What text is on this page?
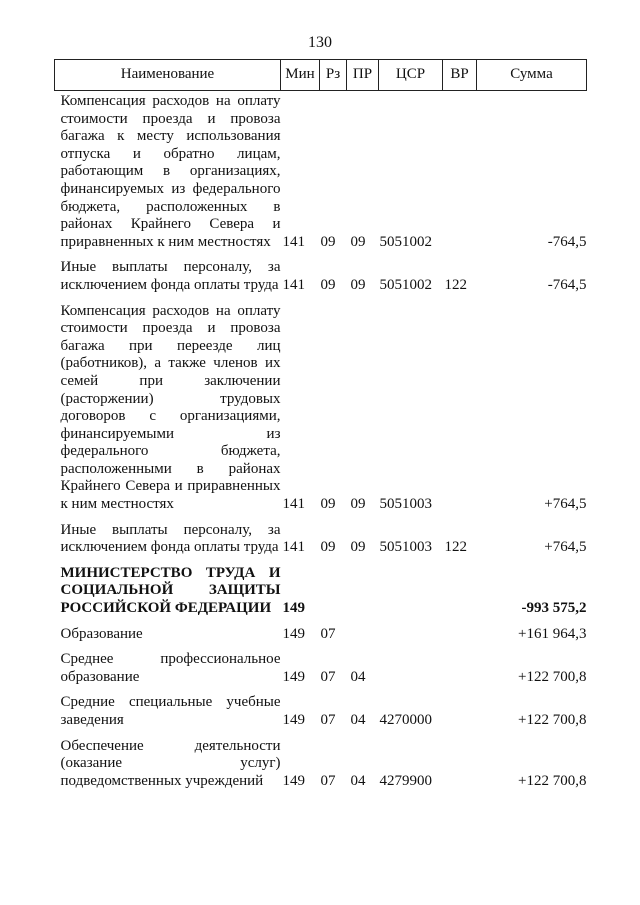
130
Наименование	Мин	Рз	ПР	ЦСР	ВР	Сумма
Компенсация расходов на оплату стоимости проезда и провоза багажа к месту использования отпуска и обратно лицам, работающим в организациях, финансируемых из федерального бюджета, расположенных в районах Крайнего Севера и приравненных к ним местностях	141	09	09	5051002		-764,5
Иные выплаты персоналу, за исключением фонда оплаты труда	141	09	09	5051002	122	-764,5
Компенсация расходов на оплату стоимости проезда и провоза багажа при переезде лиц (работников), а также членов их семей при заключении (расторжении) трудовых договоров с организациями, финансируемыми из федерального бюджета, расположенными в районах Крайнего Севера и приравненных к ним местностях	141	09	09	5051003		+764,5
Иные выплаты персоналу, за исключением фонда оплаты труда	141	09	09	5051003	122	+764,5
МИНИСТЕРСТВО ТРУДА И СОЦИАЛЬНОЙ ЗАЩИТЫ РОССИЙСКОЙ ФЕДЕРАЦИИ	149					-993 575,2
Образование	149	07				+161 964,3
Среднее профессиональное образование	149	07	04			+122 700,8
Средние специальные учебные заведения	149	07	04	4270000		+122 700,8
Обеспечение деятельности (оказание услуг) подведомственных учреждений	149	07	04	4279900		+122 700,8
